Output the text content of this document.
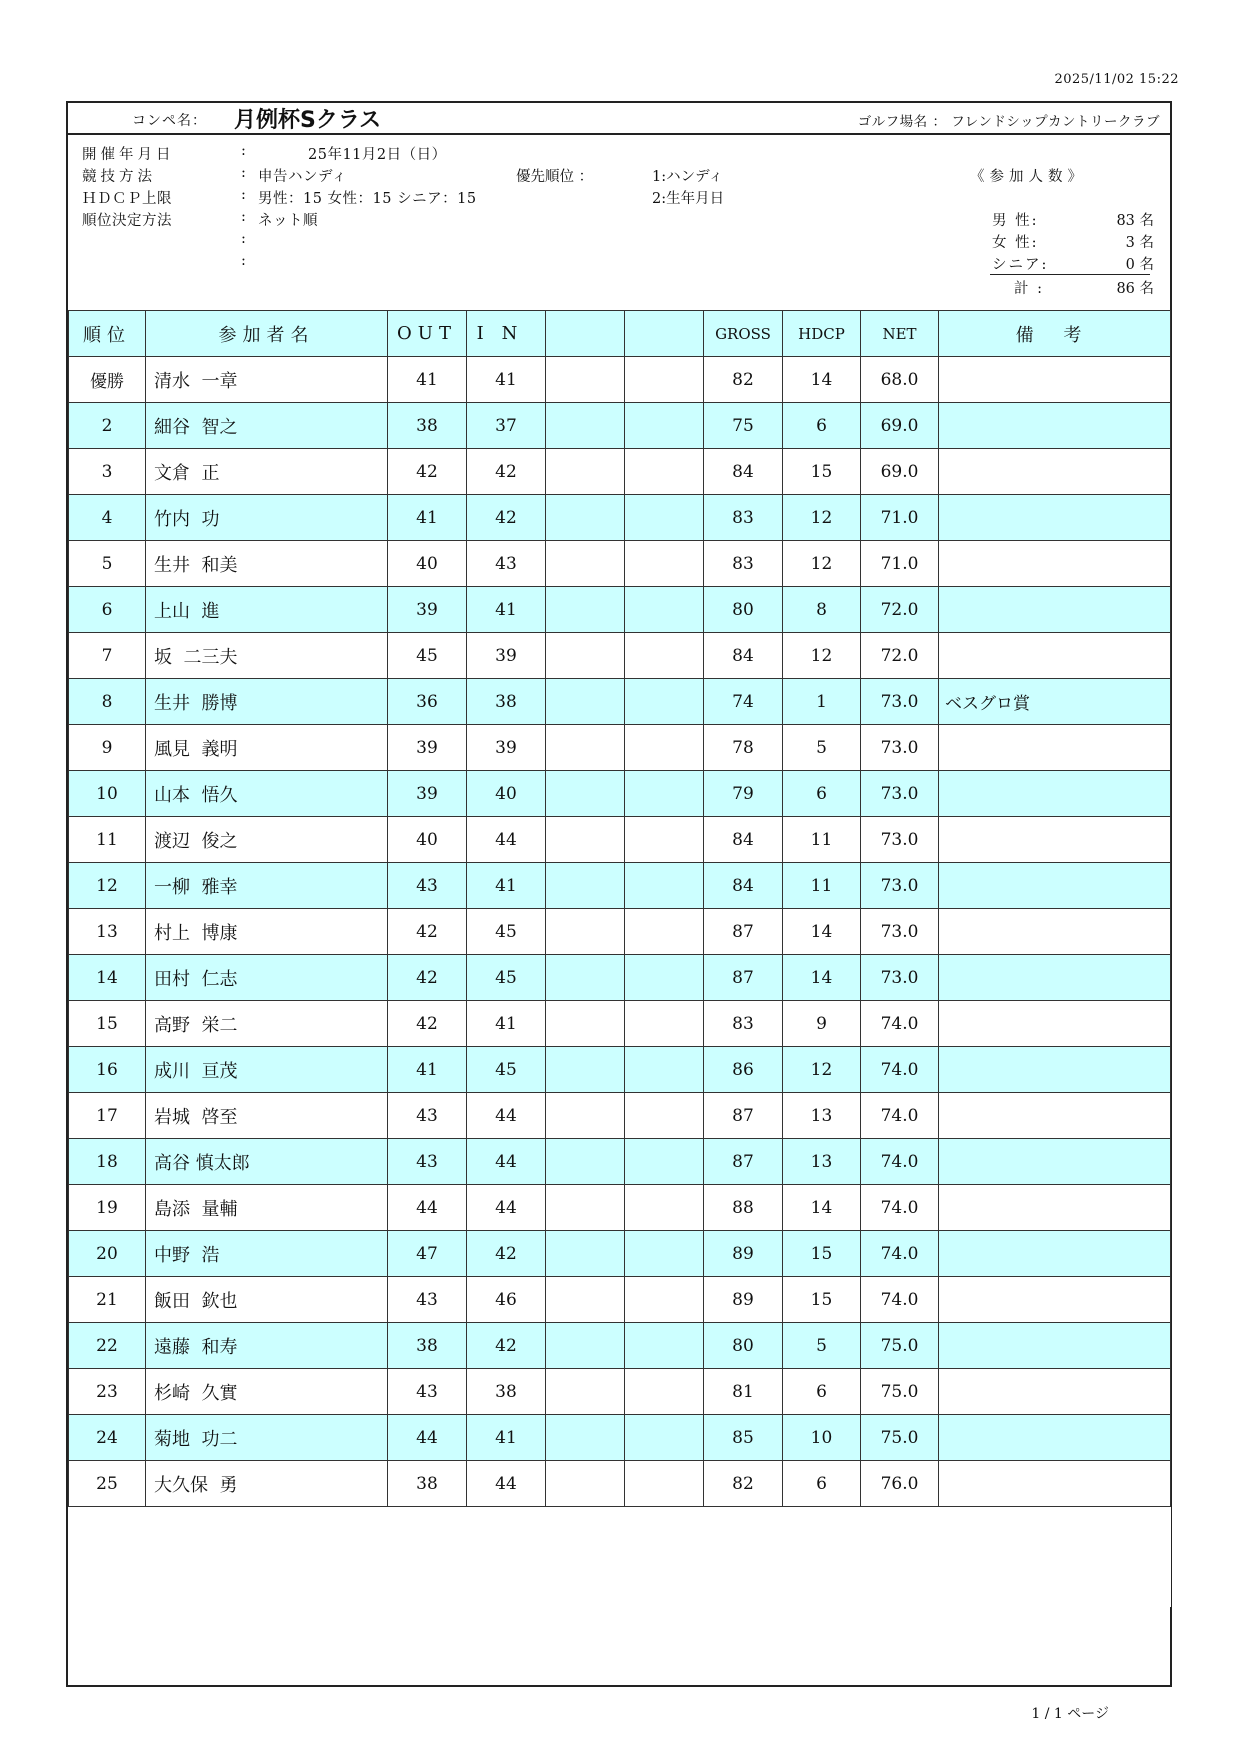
2025/11/02 15:22
コンペ名： 月例杯Sクラス	ゴルフ場名 ： フレンドシップカントリークラブ
開催年月日	:	25年11月2日（日）
競技方法	: 申告ハンディ
ＨＤＣＰ上限	: 男性：15 女性：15 シニア：15
順位決定方法	: ネット順
:
:
優先順位 ：	1:ハンディ
2:生年月日
《参加人数》
男 性:	83 名
女 性:	3 名
シニア:	0 名
計 :	86 名
順位	参加者名	OUT	IN			GROSS	HDCP	NET	備 考
優勝	清水  一章	41	41			82	14	68.0	
2	細谷  智之	38	37			75	6	69.0	
3	文倉  正	42	42			84	15	69.0	
4	竹内  功	41	42			83	12	71.0	
5	生井  和美	40	43			83	12	71.0	
6	上山  進	39	41			80	8	72.0	
7	坂  二三夫	45	39			84	12	72.0	
8	生井  勝博	36	38			74	1	73.0	ベスグロ賞
9	風見  義明	39	39			78	5	73.0	
10	山本  悟久	39	40			79	6	73.0	
11	渡辺  俊之	40	44			84	11	73.0	
12	一柳  雅幸	43	41			84	11	73.0	
13	村上  博康	42	45			87	14	73.0	
14	田村  仁志	42	45			87	14	73.0	
15	高野  栄二	42	41			83	9	74.0	
16	成川  亘茂	41	45			86	12	74.0	
17	岩城  啓至	43	44			87	13	74.0	
18	高谷 慎太郎	43	44			87	13	74.0	
19	島添  量輔	44	44			88	14	74.0	
20	中野  浩	47	42			89	15	74.0	
21	飯田  欽也	43	46			89	15	74.0	
22	遠藤  和寿	38	42			80	5	75.0	
23	杉崎  久實	43	38			81	6	75.0	
24	菊地  功二	44	41			85	10	75.0	
25	大久保  勇	38	44			82	6	76.0	

1 / 1 ページ
